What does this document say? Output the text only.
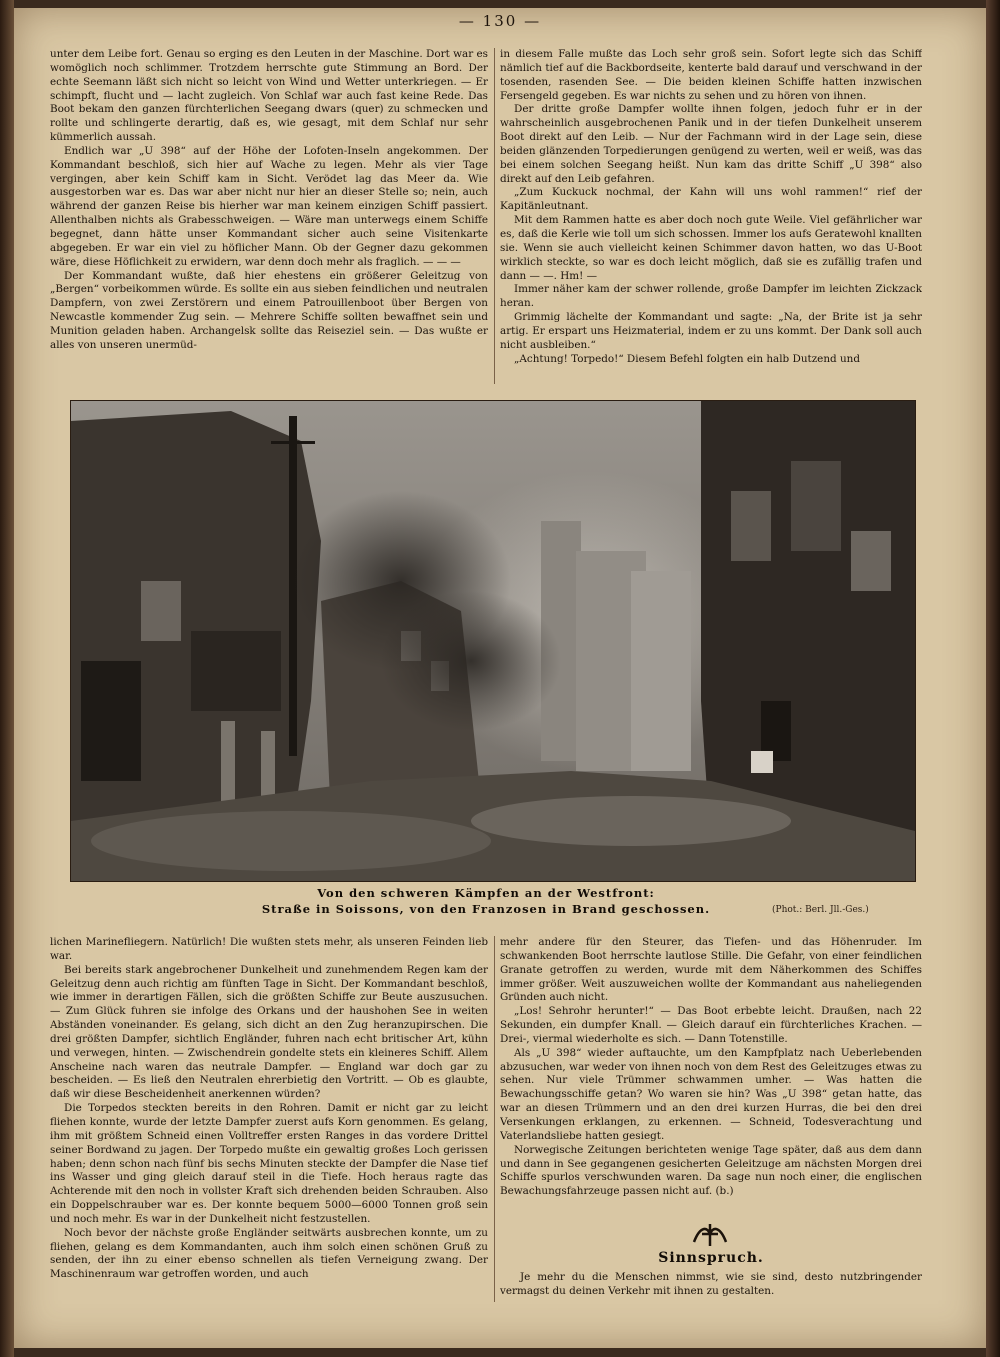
— 130 —

unter dem Leibe fort. Genau so erging es den Leuten in der Maschine. Dort war es womöglich noch schlimmer. Trotzdem herrschte gute Stimmung an Bord. Der echte Seemann läßt sich nicht so leicht von Wind und Wetter unterkriegen. — Er schimpft, flucht und — lacht zugleich. Von Schlaf war auch fast keine Rede. Das Boot bekam den ganzen fürchterlichen Seegang dwars (quer) zu schmecken und rollte und schlingerte derartig, daß es, wie gesagt, mit dem Schlaf nur sehr kümmerlich aussah.

Endlich war „U 398“ auf der Höhe der Lofoten-Inseln angekommen. Der Kommandant beschloß, sich hier auf Wache zu legen. Mehr als vier Tage vergingen, aber kein Schiff kam in Sicht. Verödet lag das Meer da. Wie ausgestorben war es. Das war aber nicht nur hier an dieser Stelle so; nein, auch während der ganzen Reise bis hierher war man keinem einzigen Schiff passiert. Allenthalben nichts als Grabesschweigen. — Wäre man unterwegs einem Schiffe begegnet, dann hätte unser Kommandant sicher auch seine Visitenkarte abgegeben. Er war ein viel zu höflicher Mann. Ob der Gegner dazu gekommen wäre, diese Höflichkeit zu erwidern, war denn doch mehr als fraglich. — — —

Der Kommandant wußte, daß hier ehestens ein größerer Geleitzug von „Bergen“ vorbeikommen würde. Es sollte ein aus sieben feindlichen und neutralen Dampfern, von zwei Zerstörern und einem Patrouillenboot über Bergen von Newcastle kommender Zug sein. — Mehrere Schiffe sollten bewaffnet sein und Munition geladen haben. Archangelsk sollte das Reiseziel sein. — Das wußte er alles von unseren unermüd-

in diesem Falle mußte das Loch sehr groß sein. Sofort legte sich das Schiff nämlich tief auf die Backbordseite, kenterte bald darauf und verschwand in der tosenden, rasenden See. — Die beiden kleinen Schiffe hatten inzwischen Fersengeld gegeben. Es war nichts zu sehen und zu hören von ihnen.

Der dritte große Dampfer wollte ihnen folgen, jedoch fuhr er in der wahrscheinlich ausgebrochenen Panik und in der tiefen Dunkelheit unserem Boot direkt auf den Leib. — Nur der Fachmann wird in der Lage sein, diese beiden glänzenden Torpedierungen genügend zu werten, weil er weiß, was das bei einem solchen Seegang heißt. Nun kam das dritte Schiff „U 398“ also direkt auf den Leib gefahren.

„Zum Kuckuck nochmal, der Kahn will uns wohl rammen!“ rief der Kapitänleutnant.

Mit dem Rammen hatte es aber doch noch gute Weile. Viel gefährlicher war es, daß die Kerle wie toll um sich schossen. Immer los aufs Geratewohl knallten sie. Wenn sie auch vielleicht keinen Schimmer davon hatten, wo das U-Boot wirklich steckte, so war es doch leicht möglich, daß sie es zufällig trafen und dann — —. Hm! —

Immer näher kam der schwer rollende, große Dampfer im leichten Zickzack heran.

Grimmig lächelte der Kommandant und sagte: „Na, der Brite ist ja sehr artig. Er erspart uns Heizmaterial, indem er zu uns kommt. Der Dank soll auch nicht ausbleiben.“

„Achtung! Torpedo!“ Diesem Befehl folgten ein halb Dutzend und

Von den schweren Kämpfen an der Westfront:
Straße in Soissons, von den Franzosen in Brand geschossen.	(Phot.: Berl. Jll.-Ges.)

lichen Marinefliegern. Natürlich! Die wußten stets mehr, als unseren Feinden lieb war.

Bei bereits stark angebrochener Dunkelheit und zunehmendem Regen kam der Geleitzug denn auch richtig am fünften Tage in Sicht. Der Kommandant beschloß, wie immer in derartigen Fällen, sich die größten Schiffe zur Beute auszusuchen. — Zum Glück fuhren sie infolge des Orkans und der haushohen See in weiten Abständen voneinander. Es gelang, sich dicht an den Zug heranzupirschen. Die drei größten Dampfer, sichtlich Engländer, fuhren nach echt britischer Art, kühn und verwegen, hinten. — Zwischendrein gondelte stets ein kleineres Schiff. Allem Anscheine nach waren das neutrale Dampfer. — England war doch gar zu bescheiden. — Es ließ den Neutralen ehrerbietig den Vortritt. — Ob es glaubte, daß wir diese Bescheidenheit anerkennen würden?

Die Torpedos steckten bereits in den Rohren. Damit er nicht gar zu leicht fliehen konnte, wurde der letzte Dampfer zuerst aufs Korn genommen. Es gelang, ihm mit größtem Schneid einen Volltreffer ersten Ranges in das vordere Drittel seiner Bordwand zu jagen. Der Torpedo mußte ein gewaltig großes Loch gerissen haben; denn schon nach fünf bis sechs Minuten steckte der Dampfer die Nase tief ins Wasser und ging gleich darauf steil in die Tiefe. Hoch heraus ragte das Achterende mit den noch in vollster Kraft sich drehenden beiden Schrauben. Also ein Doppelschrauber war es. Der konnte bequem 5000—6000 Tonnen groß sein und noch mehr. Es war in der Dunkelheit nicht festzustellen.

Noch bevor der nächste große Engländer seitwärts ausbrechen konnte, um zu fliehen, gelang es dem Kommandanten, auch ihm solch einen schönen Gruß zu senden, der ihn zu einer ebenso schnellen als tiefen Verneigung zwang. Der Maschinenraum war getroffen worden, und auch

mehr andere für den Steurer, das Tiefen- und das Höhenruder. Im schwankenden Boot herrschte lautlose Stille. Die Gefahr, von einer feindlichen Granate getroffen zu werden, wurde mit dem Näherkommen des Schiffes immer größer. Weit auszuweichen wollte der Kommandant aus naheliegenden Gründen auch nicht.

„Los! Sehrohr herunter!“ — Das Boot erbebte leicht. Draußen, nach 22 Sekunden, ein dumpfer Knall. — Gleich darauf ein fürchterliches Krachen. — Drei-, viermal wiederholte es sich. — Dann Totenstille.

Als „U 398“ wieder auftauchte, um den Kampfplatz nach Ueberlebenden abzusuchen, war weder von ihnen noch von dem Rest des Geleitzuges etwas zu sehen. Nur viele Trümmer schwammen umher. — Was hatten die Bewachungsschiffe getan? Wo waren sie hin? Was „U 398“ getan hatte, das war an diesen Trümmern und an den drei kurzen Hurras, die bei den drei Versenkungen erklangen, zu erkennen. — Schneid, Todesverachtung und Vaterlandsliebe hatten gesiegt.

Norwegische Zeitungen berichteten wenige Tage später, daß aus dem dann und dann in See gegangenen gesicherten Geleitzuge am nächsten Morgen drei Schiffe spurlos verschwunden waren. Da sage nun noch einer, die englischen Bewachungsfahrzeuge passen nicht auf. (b.)

Sinnspruch.

Je mehr du die Menschen nimmst, wie sie sind, desto nutzbringender vermagst du deinen Verkehr mit ihnen zu gestalten.
